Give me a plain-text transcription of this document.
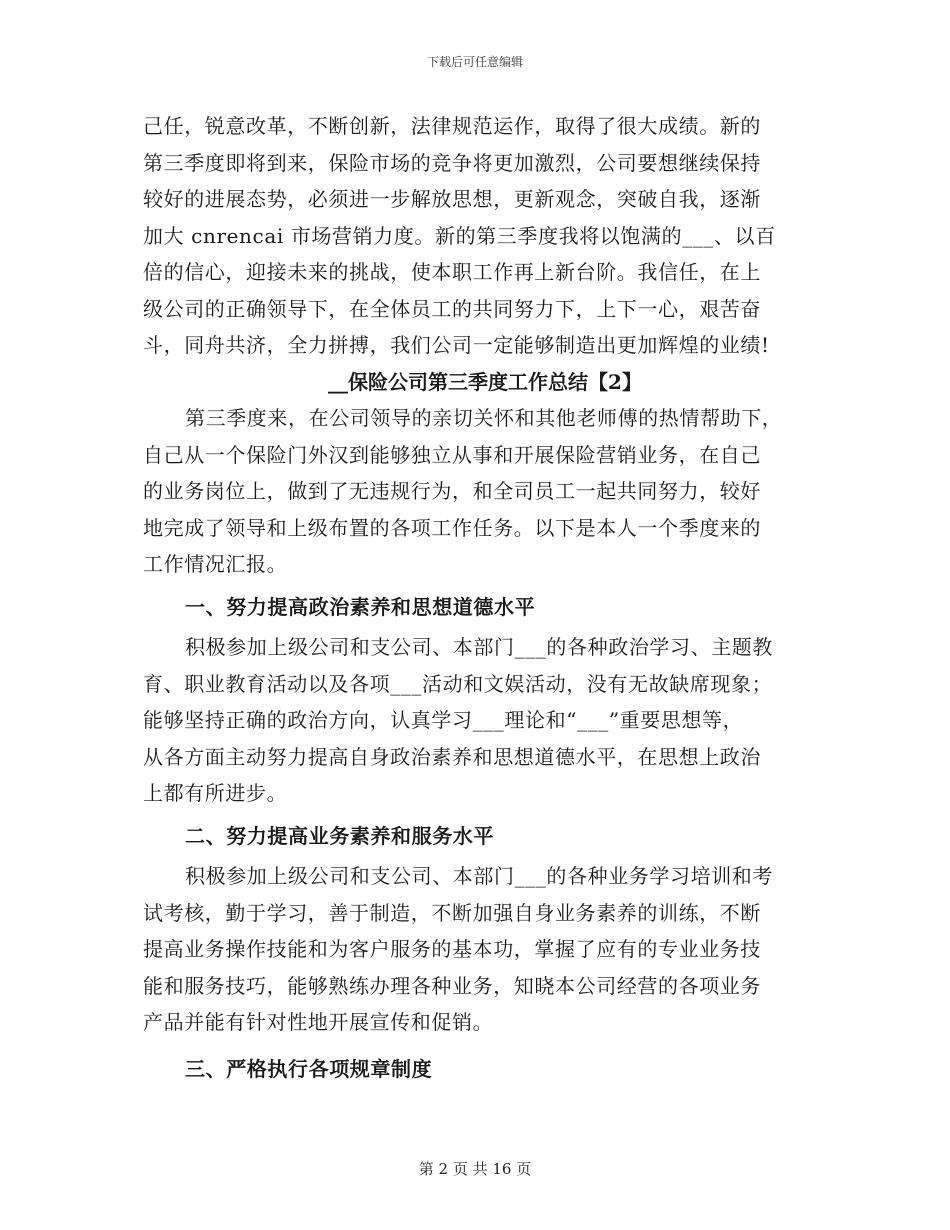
下载后可任意编辑
己任，锐意改革，不断创新，法律规范运作，取得了很大成绩。新的
第三季度即将到来，保险市场的竞争将更加激烈，公司要想继续保持
较好的进展态势，必须进一步解放思想，更新观念，突破自我，逐渐
加大 cnrencai 市场营销力度。新的第三季度我将以饱满的___、以百
倍的信心，迎接未来的挑战，使本职工作再上新台阶。我信任，在上
级公司的正确领导下，在全体员工的共同努力下，上下一心，艰苦奋
斗，同舟共济，全力拼搏，我们公司一定能够制造出更加辉煌的业绩!
__保险公司第三季度工作总结【2】
第三季度来，在公司领导的亲切关怀和其他老师傅的热情帮助下，
自己从一个保险门外汉到能够独立从事和开展保险营销业务，在自己
的业务岗位上，做到了无违规行为，和全司员工一起共同努力，较好
地完成了领导和上级布置的各项工作任务。以下是本人一个季度来的
工作情况汇报。
一、努力提高政治素养和思想道德水平
积极参加上级公司和支公司、本部门___的各种政治学习、主题教
育、职业教育活动以及各项___活动和文娱活动，没有无故缺席现象；
能够坚持正确的政治方向，认真学习___理论和“___”重要思想等，
从各方面主动努力提高自身政治素养和思想道德水平，在思想上政治
上都有所进步。
二、努力提高业务素养和服务水平
积极参加上级公司和支公司、本部门___的各种业务学习培训和考
试考核，勤于学习，善于制造，不断加强自身业务素养的训练，不断
提高业务操作技能和为客户服务的基本功，掌握了应有的专业业务技
能和服务技巧，能够熟练办理各种业务，知晓本公司经营的各项业务
产品并能有针对性地开展宣传和促销。
三、严格执行各项规章制度
第 2 页 共 16 页
